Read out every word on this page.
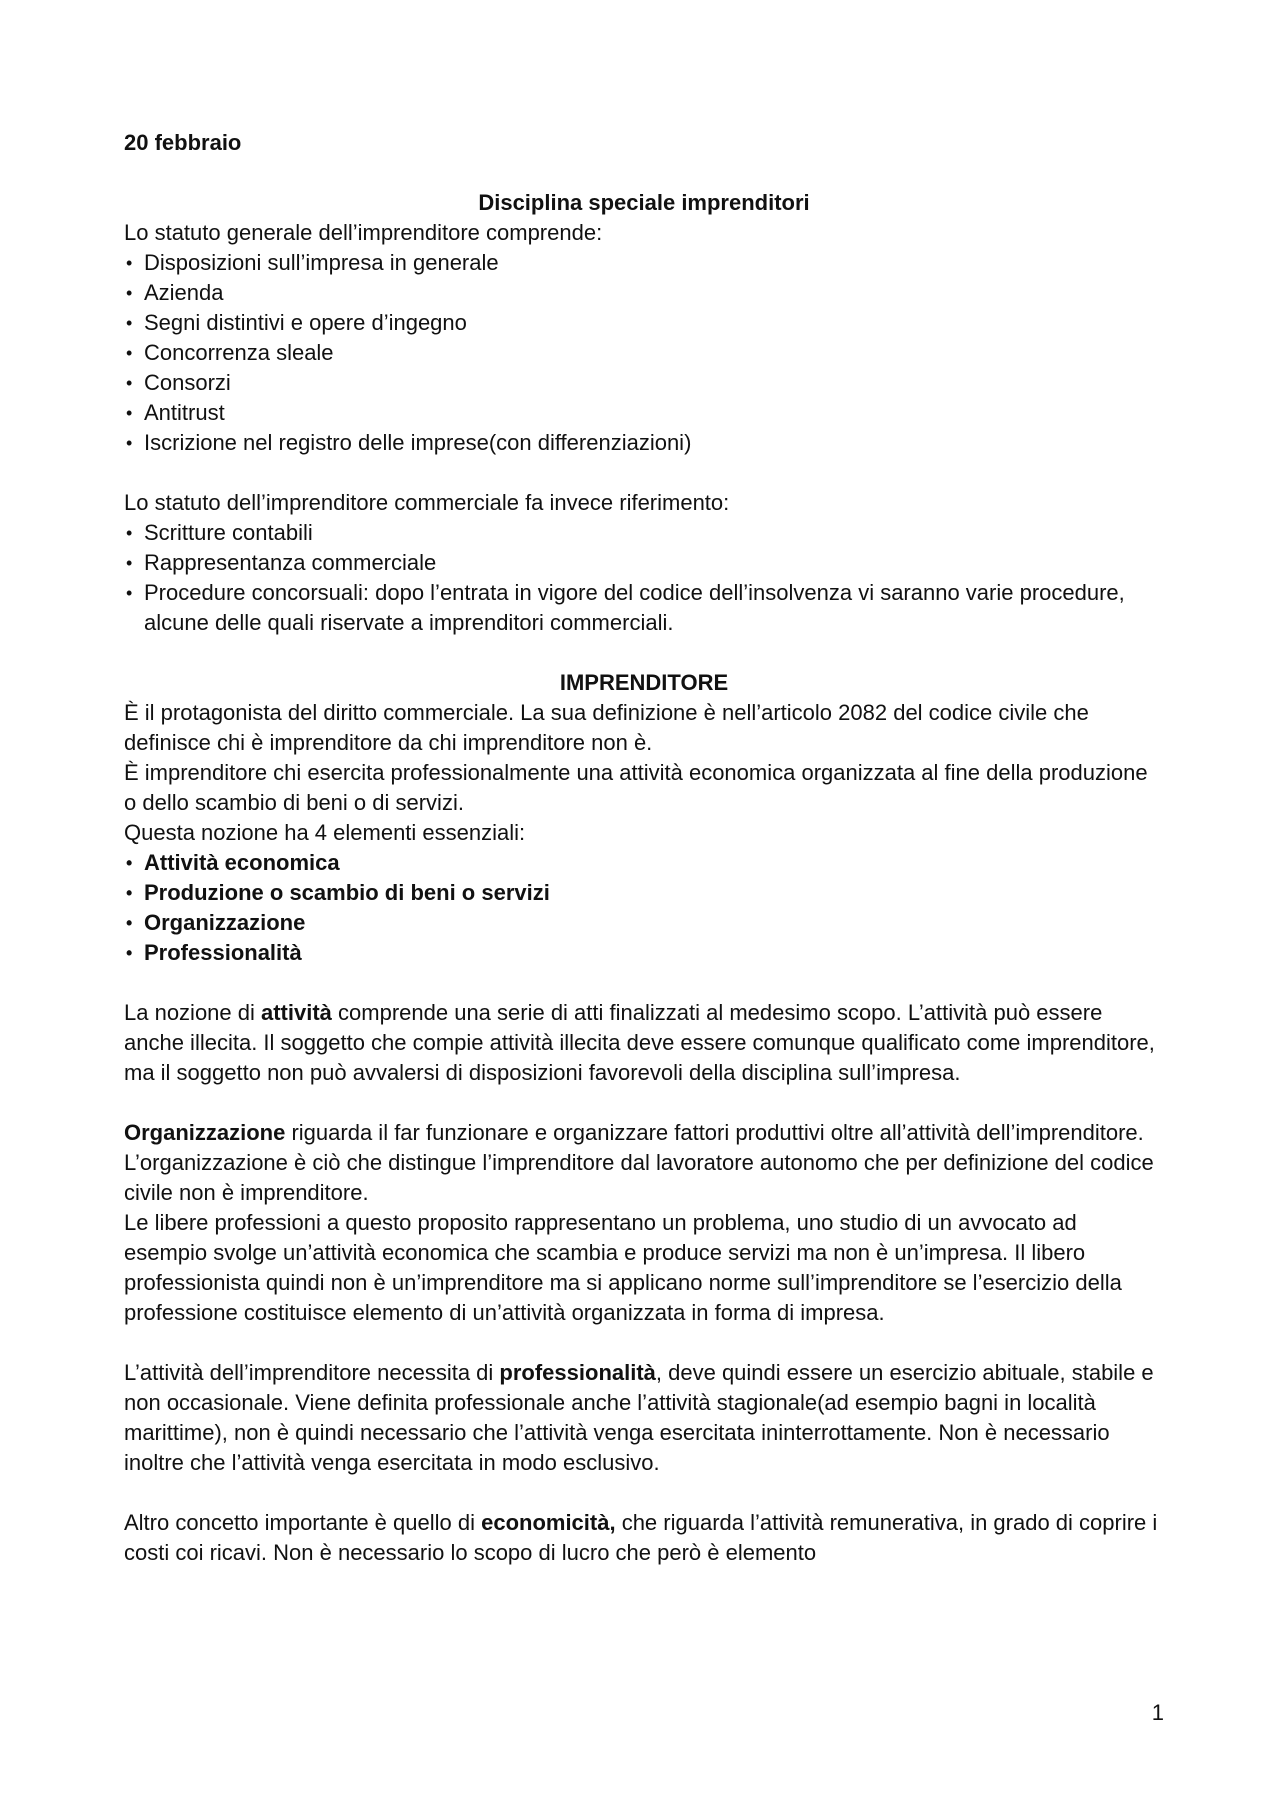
20 febbraio

Disciplina speciale imprenditori

Lo statuto generale dell’imprenditore comprende:

• Disposizioni sull’impresa in generale
• Azienda
• Segni distintivi e opere d’ingegno
• Concorrenza sleale
• Consorzi
• Antitrust
• Iscrizione nel registro delle imprese(con differenziazioni)

Lo statuto dell’imprenditore commerciale fa invece riferimento:

• Scritture contabili
• Rappresentanza commerciale
• Procedure concorsuali: dopo l’entrata in vigore del codice dell’insolvenza vi saranno varie procedure, alcune delle quali riservate a imprenditori commerciali.

IMPRENDITORE

È il protagonista del diritto commerciale. La sua definizione è nell’articolo 2082 del codice civile che definisce chi è imprenditore da chi imprenditore non è.

È imprenditore chi esercita professionalmente una attività economica organizzata al fine della produzione o dello scambio di beni o di servizi.

Questa nozione ha 4 elementi essenziali:

• Attività economica
• Produzione o scambio di beni o servizi
• Organizzazione
• Professionalità

La nozione di attività comprende una serie di atti finalizzati al medesimo scopo. L’attività può essere anche illecita. Il soggetto che compie attività illecita deve essere comunque qualificato come imprenditore, ma il soggetto non può avvalersi di disposizioni favorevoli della disciplina sull’impresa.

Organizzazione riguarda il far funzionare e organizzare fattori produttivi oltre all’attività dell’imprenditore. L’organizzazione è ciò che distingue l’imprenditore dal lavoratore autonomo che per definizione del codice civile non è imprenditore.

Le libere professioni a questo proposito rappresentano un problema, uno studio di un avvocato ad esempio svolge un’attività economica che scambia e produce servizi ma non è un’impresa. Il libero professionista quindi non è un’imprenditore ma si applicano norme sull’imprenditore se l’esercizio della professione costituisce elemento di un’attività organizzata in forma di impresa.

L’attività dell’imprenditore necessita di professionalità, deve quindi essere un esercizio abituale, stabile e non occasionale. Viene definita professionale anche l’attività stagionale(ad esempio bagni in località marittime), non è quindi necessario che l’attività venga esercitata ininterrottamente. Non è necessario inoltre che l’attività venga esercitata in modo esclusivo.

Altro concetto importante è quello di economicità, che riguarda l’attività remunerativa, in grado di coprire i costi coi ricavi. Non è necessario lo scopo di lucro che però è elemento

1
